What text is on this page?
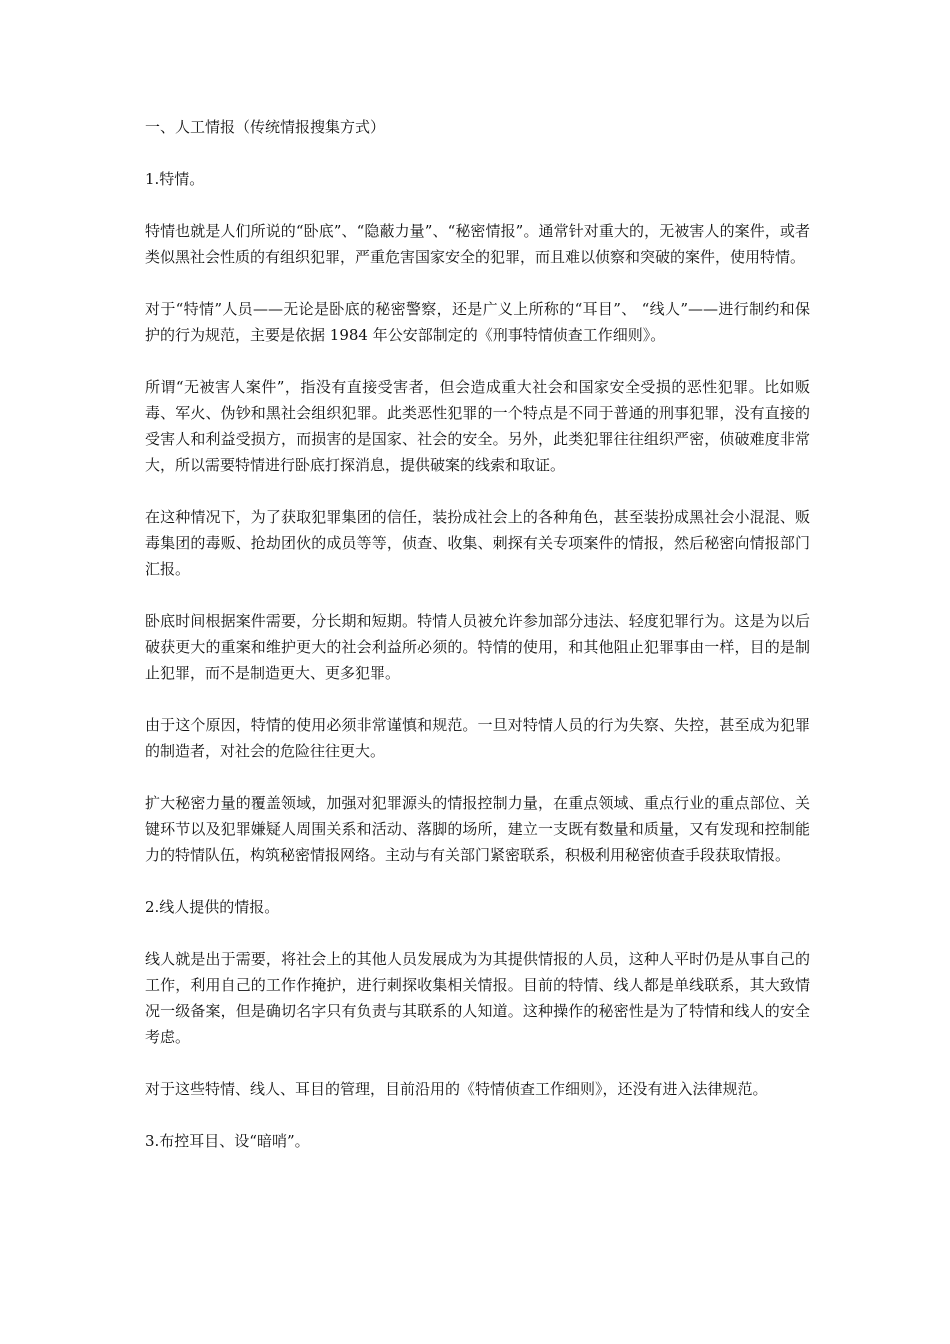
一、人工情报（传统情报搜集方式）

1.特情。

特情也就是人们所说的“卧底”、“隐蔽力量”、“秘密情报”。通常针对重大的，无被害人的案件，或者类似黑社会性质的有组织犯罪，严重危害国家安全的犯罪，而且难以侦察和突破的案件，使用特情。

对于“特情”人员——无论是卧底的秘密警察，还是广义上所称的“耳目”、 “线人”——进行制约和保护的行为规范，主要是依据 1984 年公安部制定的《刑事特情侦查工作细则》。

所谓“无被害人案件”，指没有直接受害者，但会造成重大社会和国家安全受损的恶性犯罪。比如贩毒、军火、伪钞和黑社会组织犯罪。此类恶性犯罪的一个特点是不同于普通的刑事犯罪，没有直接的受害人和利益受损方，而损害的是国家、社会的安全。另外，此类犯罪往往组织严密，侦破难度非常大，所以需要特情进行卧底打探消息，提供破案的线索和取证。

在这种情况下，为了获取犯罪集团的信任，装扮成社会上的各种角色，甚至装扮成黑社会小混混、贩毒集团的毒贩、抢劫团伙的成员等等，侦查、收集、刺探有关专项案件的情报，然后秘密向情报部门汇报。

卧底时间根据案件需要，分长期和短期。特情人员被允许参加部分违法、轻度犯罪行为。这是为以后破获更大的重案和维护更大的社会利益所必须的。特情的使用，和其他阻止犯罪事由一样，目的是制止犯罪，而不是制造更大、更多犯罪。

由于这个原因，特情的使用必须非常谨慎和规范。一旦对特情人员的行为失察、失控，甚至成为犯罪的制造者，对社会的危险往往更大。

扩大秘密力量的覆盖领域，加强对犯罪源头的情报控制力量，在重点领域、重点行业的重点部位、关键环节以及犯罪嫌疑人周围关系和活动、落脚的场所，建立一支既有数量和质量，又有发现和控制能力的特情队伍，构筑秘密情报网络。主动与有关部门紧密联系，积极利用秘密侦查手段获取情报。

2.线人提供的情报。

线人就是出于需要，将社会上的其他人员发展成为为其提供情报的人员，这种人平时仍是从事自己的工作，利用自己的工作作掩护，进行刺探收集相关情报。目前的特情、线人都是单线联系，其大致情况一级备案，但是确切名字只有负责与其联系的人知道。这种操作的秘密性是为了特情和线人的安全考虑。

对于这些特情、线人、耳目的管理，目前沿用的《特情侦查工作细则》，还没有进入法律规范。

3.布控耳目、设“暗哨”。
